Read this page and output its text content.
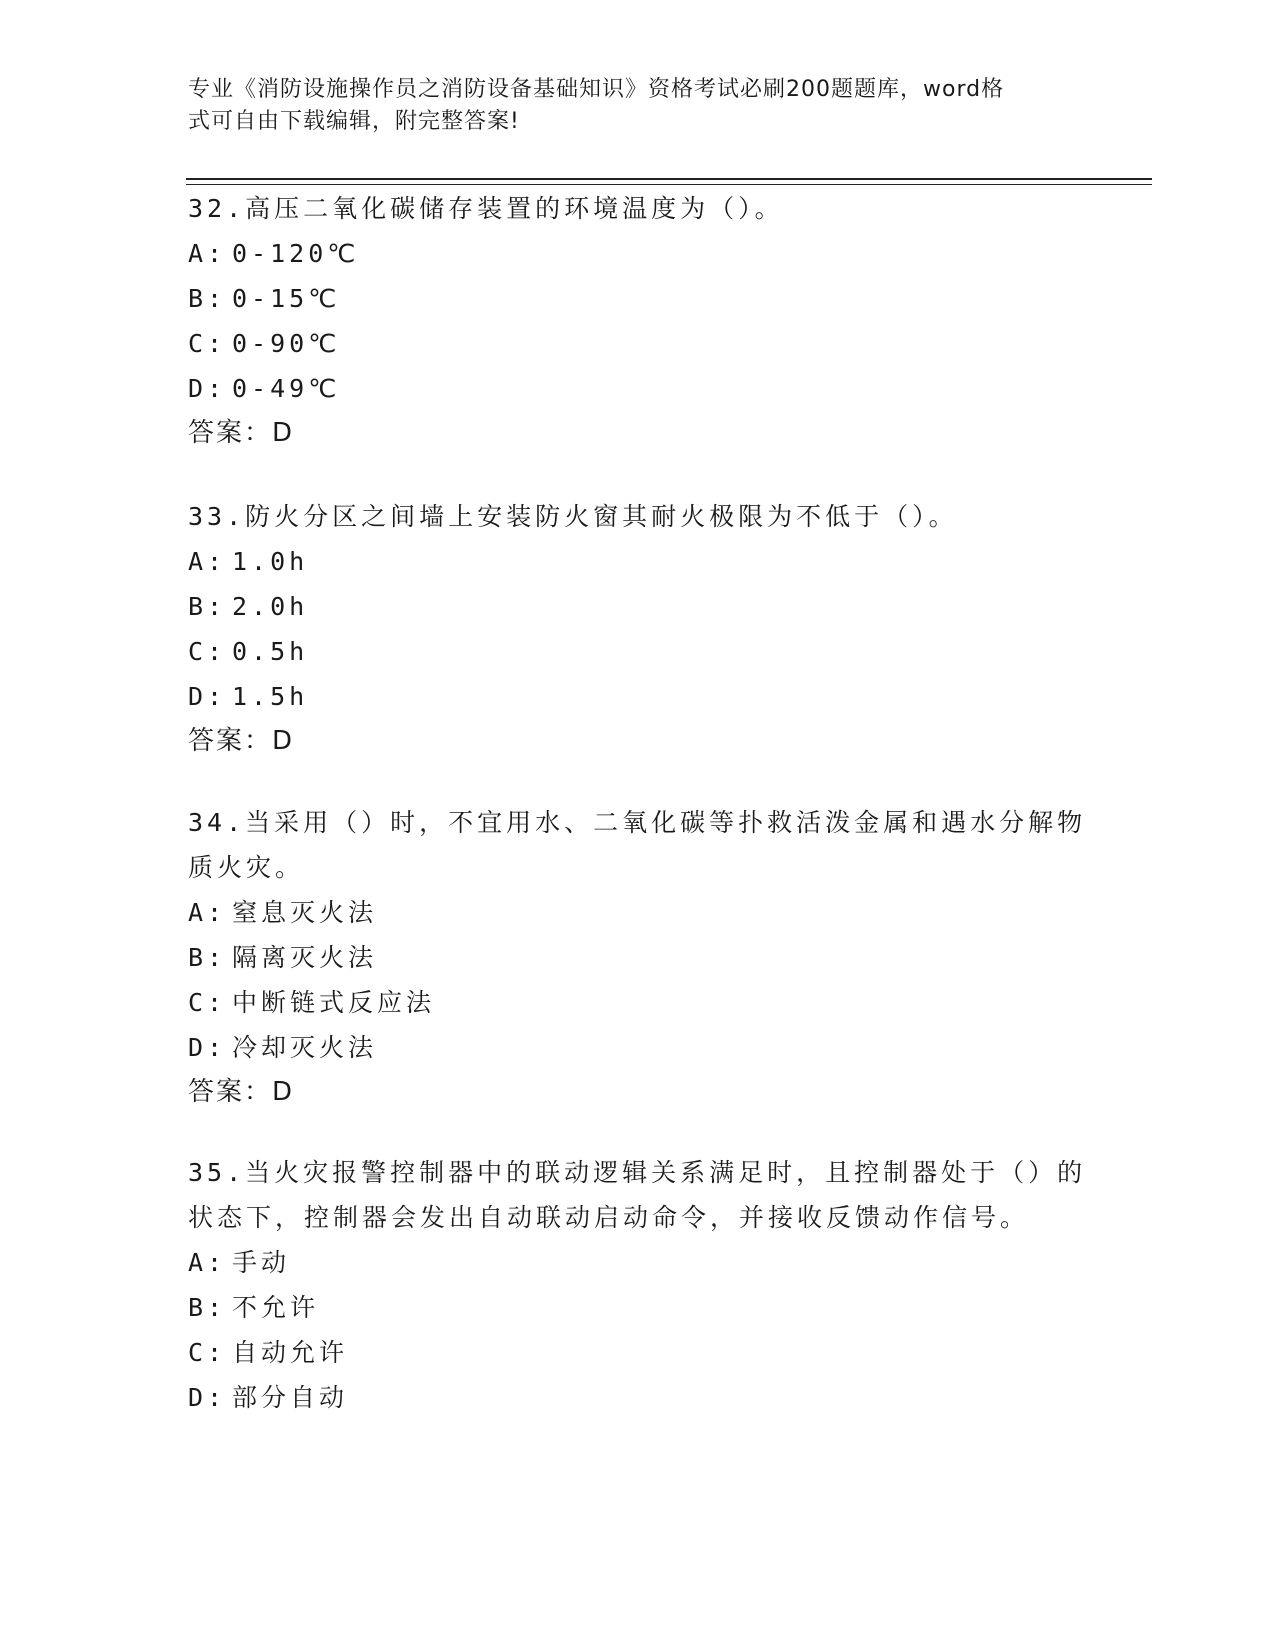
专业《消防设施操作员之消防设备基础知识》资格考试必刷200题题库，word格
式可自由下载编辑，附完整答案!
32.高压二氧化碳储存装置的环境温度为（）。
A: 0-120℃
B: 0-15℃
C: 0-90℃
D: 0-49℃
答案：D
33.防火分区之间墙上安装防火窗其耐火极限为不低于（）。
A: 1.0h
B: 2.0h
C: 0.5h
D: 1.5h
答案：D
34.当采用（）时，不宜用水、二氧化碳等扑救活泼金属和遇水分解物
质火灾。
A: 窒息灭火法
B: 隔离灭火法
C: 中断链式反应法
D: 冷却灭火法
答案：D
35.当火灾报警控制器中的联动逻辑关系满足时，且控制器处于（）的
状态下，控制器会发出自动联动启动命令，并接收反馈动作信号。
A: 手动
B: 不允许
C: 自动允许
D: 部分自动
